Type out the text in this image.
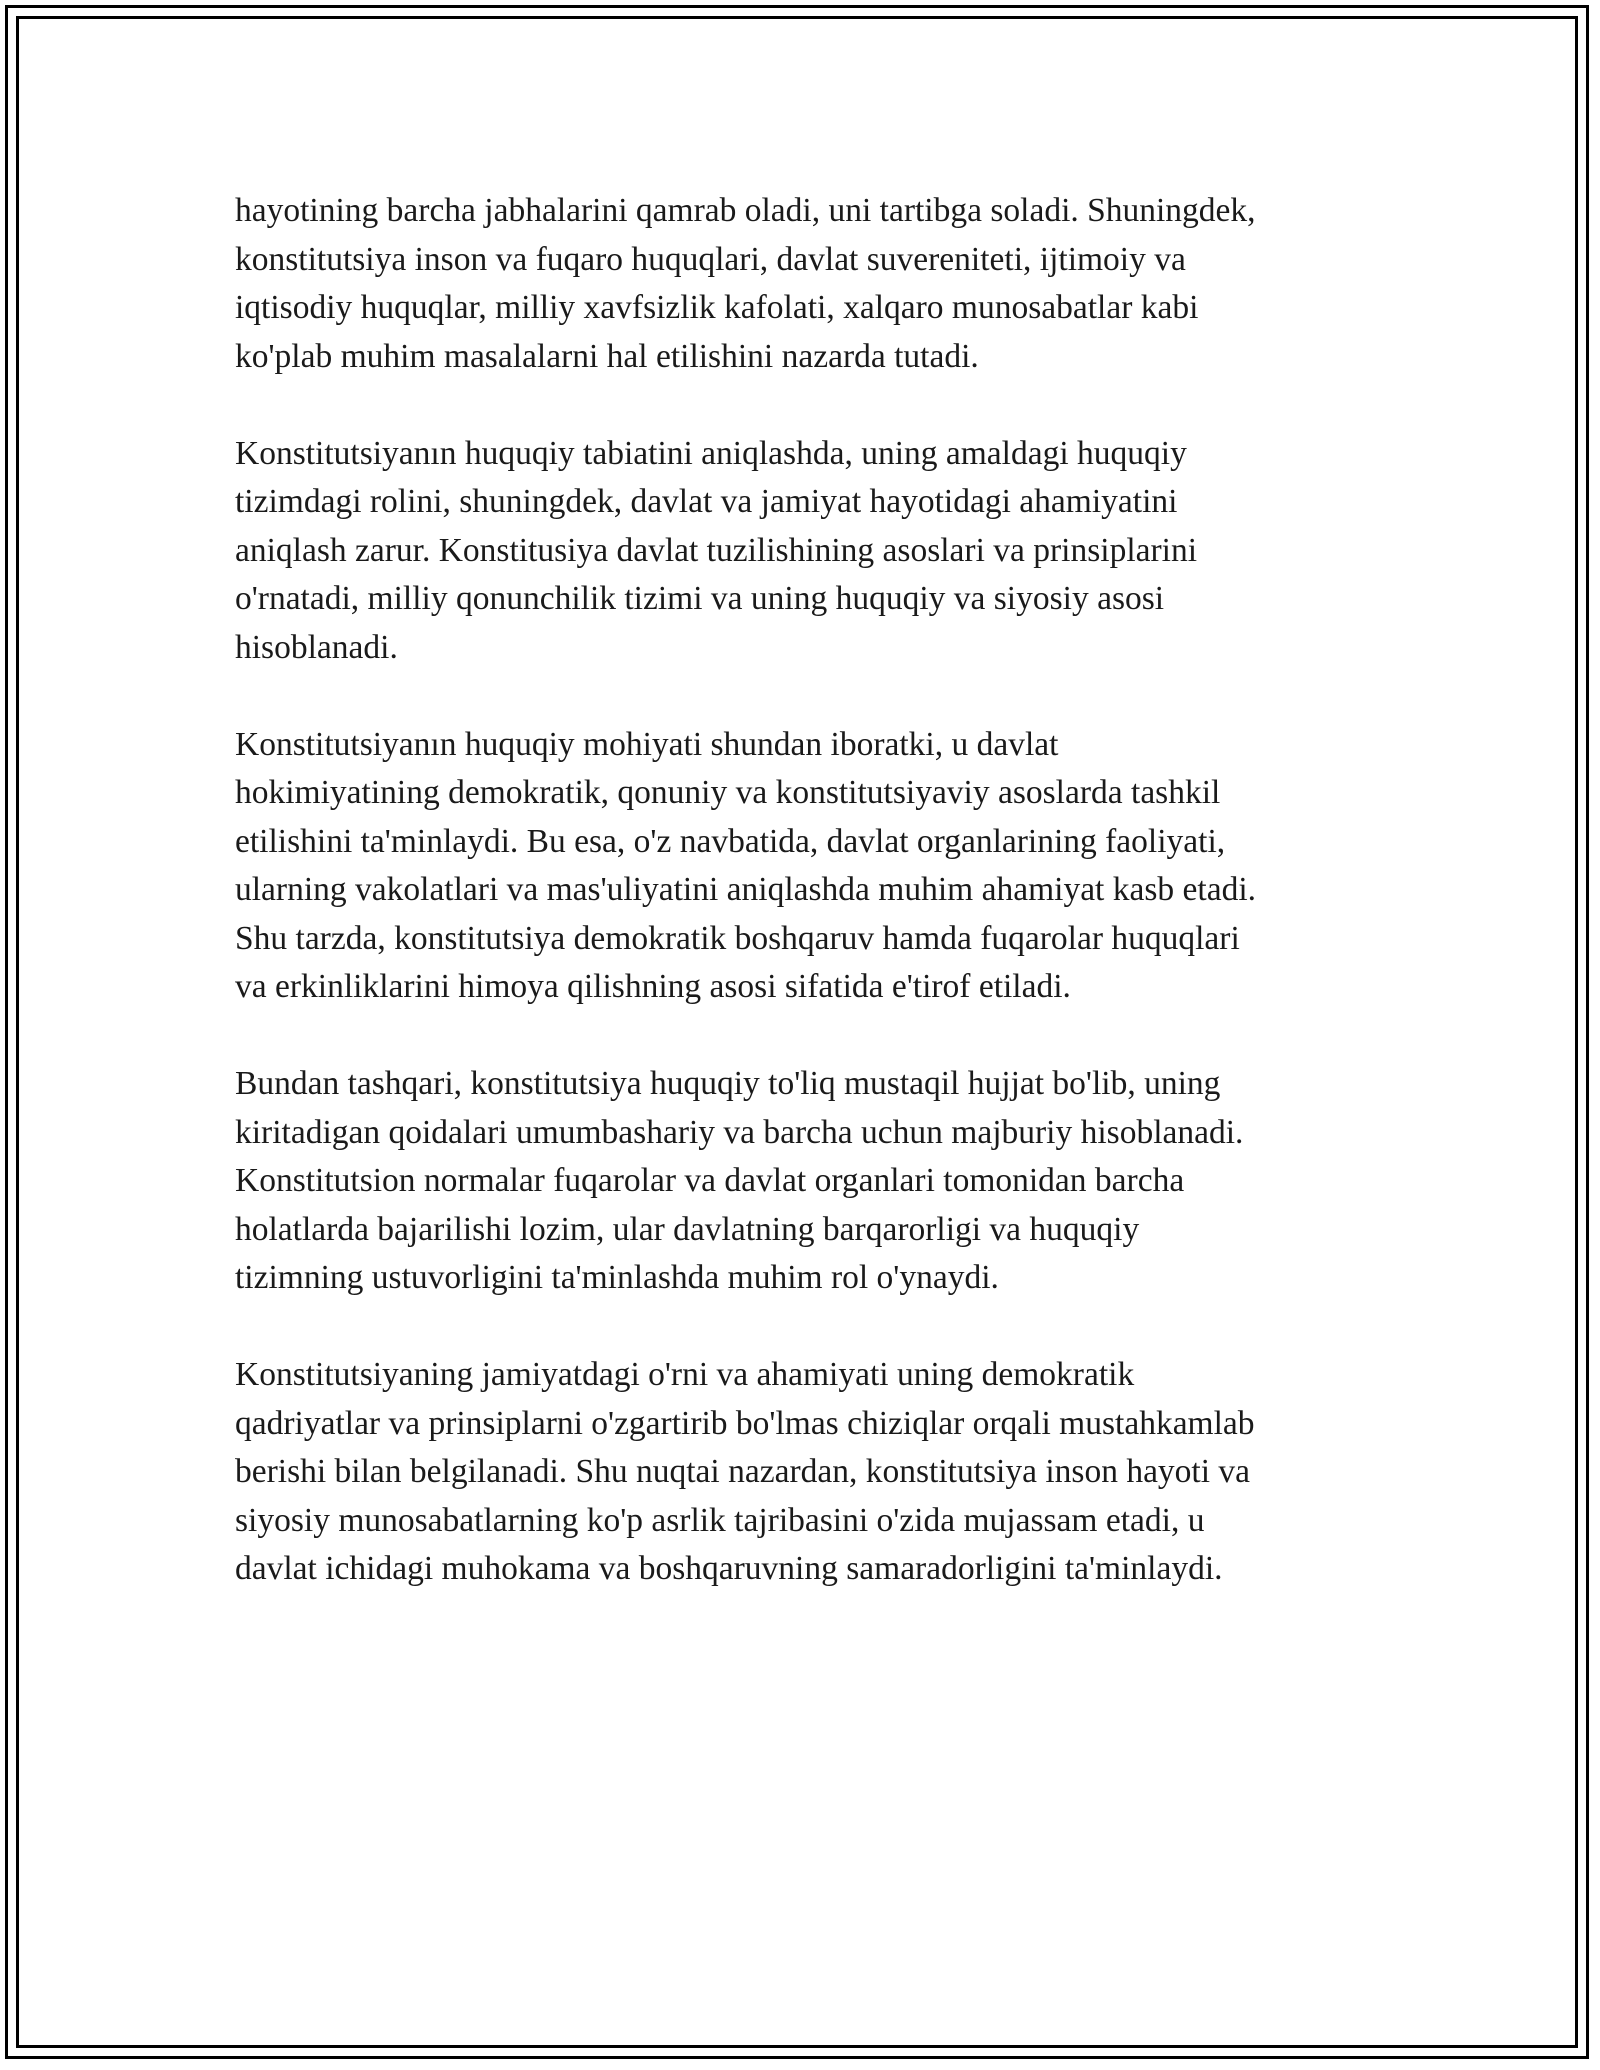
hayotining barcha jabhalarini qamrab oladi, uni tartibga soladi. Shuningdek,
konstitutsiya inson va fuqaro huquqlari, davlat suvereniteti, ijtimoiy va
iqtisodiy huquqlar, milliy xavfsizlik kafolati, xalqaro munosabatlar kabi
ko'plab muhim masalalarni hal etilishini nazarda tutadi.

Konstitutsiyanın huquqiy tabiatini aniqlashda, uning amaldagi huquqiy
tizimdagi rolini, shuningdek, davlat va jamiyat hayotidagi ahamiyatini
aniqlash zarur. Konstitusiya davlat tuzilishining asoslari va prinsiplarini
o'rnatadi, milliy qonunchilik tizimi va uning huquqiy va siyosiy asosi
hisoblanadi.

Konstitutsiyanın huquqiy mohiyati shundan iboratki, u davlat
hokimiyatining demokratik, qonuniy va konstitutsiyaviy asoslarda tashkil
etilishini ta'minlaydi. Bu esa, o'z navbatida, davlat organlarining faoliyati,
ularning vakolatlari va mas'uliyatini aniqlashda muhim ahamiyat kasb etadi.
Shu tarzda, konstitutsiya demokratik boshqaruv hamda fuqarolar huquqlari
va erkinliklarini himoya qilishning asosi sifatida e'tirof etiladi.

Bundan tashqari, konstitutsiya huquqiy to'liq mustaqil hujjat bo'lib, uning
kiritadigan qoidalari umumbashariy va barcha uchun majburiy hisoblanadi.
Konstitutsion normalar fuqarolar va davlat organlari tomonidan barcha
holatlarda bajarilishi lozim, ular davlatning barqarorligi va huquqiy
tizimning ustuvorligini ta'minlashda muhim rol o'ynaydi.

Konstitutsiyaning jamiyatdagi o'rni va ahamiyati uning demokratik
qadriyatlar va prinsiplarni o'zgartirib bo'lmas chiziqlar orqali mustahkamlab
berishi bilan belgilanadi. Shu nuqtai nazardan, konstitutsiya inson hayoti va
siyosiy munosabatlarning ko'p asrlik tajribasini o'zida mujassam etadi, u
davlat ichidagi muhokama va boshqaruvning samaradorligini ta'minlaydi.
